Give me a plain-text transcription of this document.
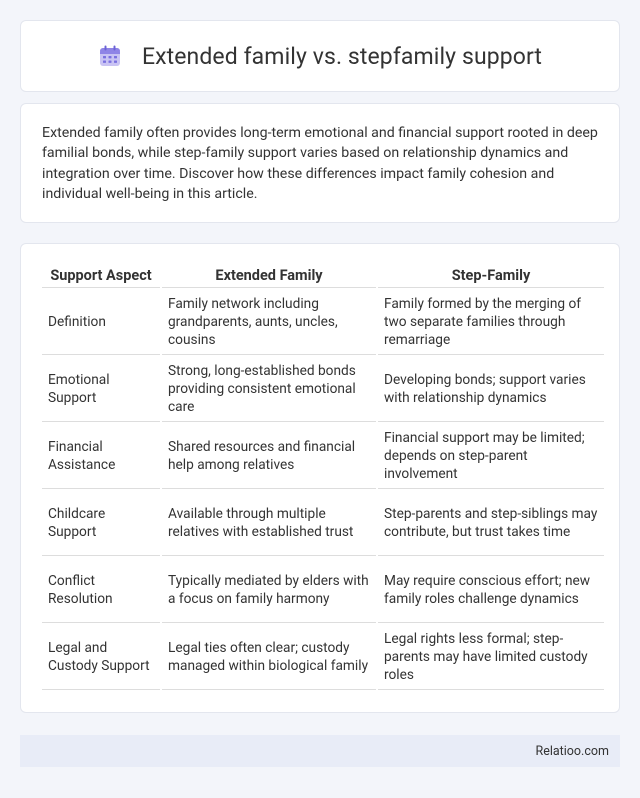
Extended family vs. stepfamily support

Extended family often provides long-term emotional and financial support rooted in deep familial bonds, while step-family support varies based on relationship dynamics and integration over time. Discover how these differences impact family cohesion and individual well-being in this article.

Support Aspect	Extended Family	Step-Family
Definition	Family network including grandparents, aunts, uncles, cousins	Family formed by the merging of two separate families through remarriage
Emotional Support	Strong, long-established bonds providing consistent emotional care	Developing bonds; support varies with relationship dynamics
Financial Assistance	Shared resources and financial help among relatives	Financial support may be limited; depends on step-parent involvement
Childcare Support	Available through multiple relatives with established trust	Step-parents and step-siblings may contribute, but trust takes time
Conflict Resolution	Typically mediated by elders with a focus on family harmony	May require conscious effort; new family roles challenge dynamics
Legal and Custody Support	Legal ties often clear; custody managed within biological family	Legal rights less formal; step-parents may have limited custody roles
Relatioo.com
